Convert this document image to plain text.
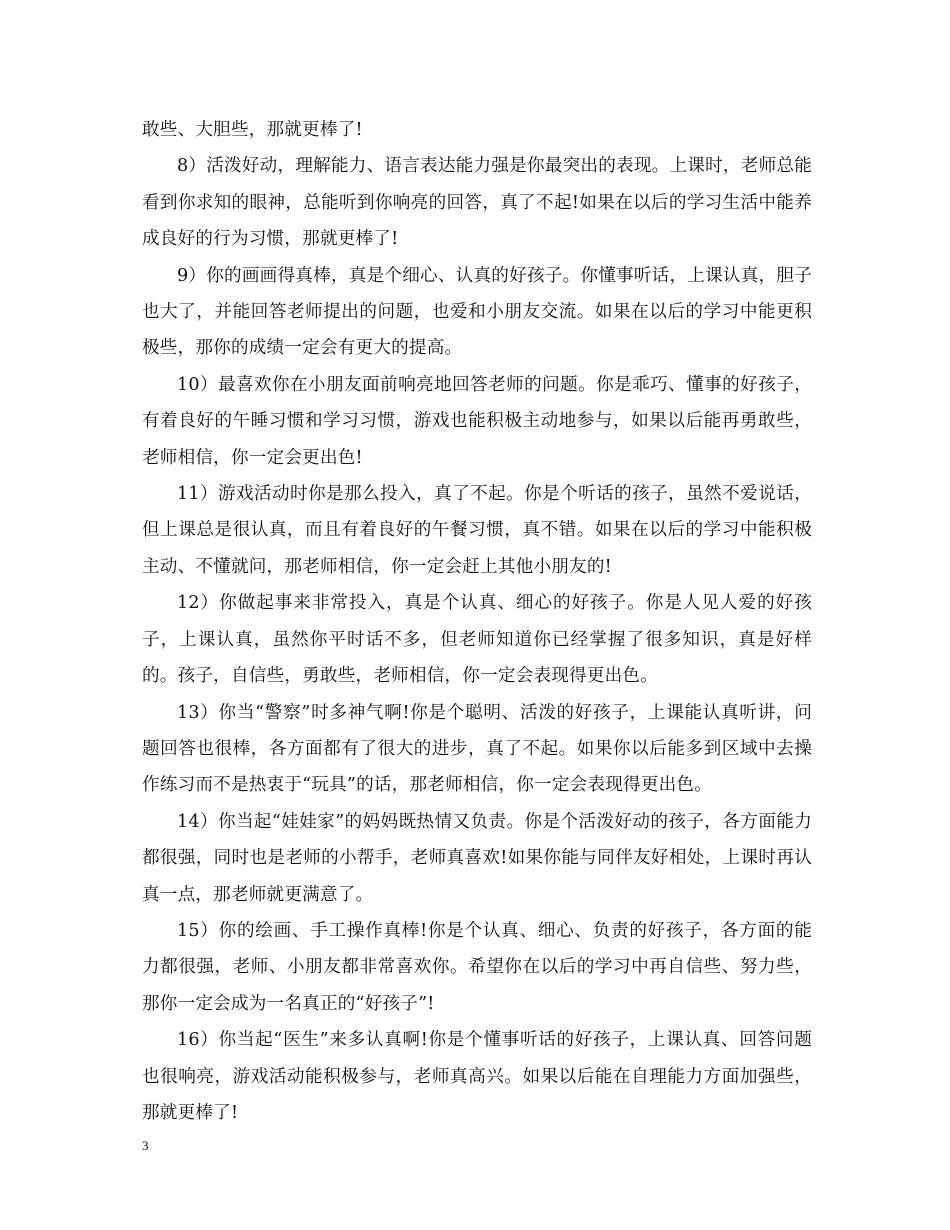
敢些、大胆些，那就更棒了!

8）活泼好动，理解能力、语言表达能力强是你最突出的表现。上课时，老师总能看到你求知的眼神，总能听到你响亮的回答，真了不起!如果在以后的学习生活中能养成良好的行为习惯，那就更棒了!

9）你的画画得真棒，真是个细心、认真的好孩子。你懂事听话，上课认真，胆子也大了，并能回答老师提出的问题，也爱和小朋友交流。如果在以后的学习中能更积极些，那你的成绩一定会有更大的提高。

10）最喜欢你在小朋友面前响亮地回答老师的问题。你是乖巧、懂事的好孩子，有着良好的午睡习惯和学习习惯，游戏也能积极主动地参与，如果以后能再勇敢些，老师相信，你一定会更出色!

11）游戏活动时你是那么投入，真了不起。你是个听话的孩子，虽然不爱说话，但上课总是很认真，而且有着良好的午餐习惯，真不错。如果在以后的学习中能积极主动、不懂就问，那老师相信，你一定会赶上其他小朋友的!

12）你做起事来非常投入，真是个认真、细心的好孩子。你是人见人爱的好孩子，上课认真，虽然你平时话不多，但老师知道你已经掌握了很多知识，真是好样的。孩子，自信些，勇敢些，老师相信，你一定会表现得更出色。

13）你当“警察”时多神气啊!你是个聪明、活泼的好孩子，上课能认真听讲，问题回答也很棒，各方面都有了很大的进步，真了不起。如果你以后能多到区域中去操作练习而不是热衷于“玩具”的话，那老师相信，你一定会表现得更出色。

14）你当起“娃娃家”的妈妈既热情又负责。你是个活泼好动的孩子，各方面能力都很强，同时也是老师的小帮手，老师真喜欢!如果你能与同伴友好相处，上课时再认真一点，那老师就更满意了。

15）你的绘画、手工操作真棒!你是个认真、细心、负责的好孩子，各方面的能力都很强，老师、小朋友都非常喜欢你。希望你在以后的学习中再自信些、努力些，那你一定会成为一名真正的“好孩子”!

16）你当起“医生”来多认真啊!你是个懂事听话的好孩子，上课认真、回答问题也很响亮，游戏活动能积极参与，老师真高兴。如果以后能在自理能力方面加强些，那就更棒了!

3
